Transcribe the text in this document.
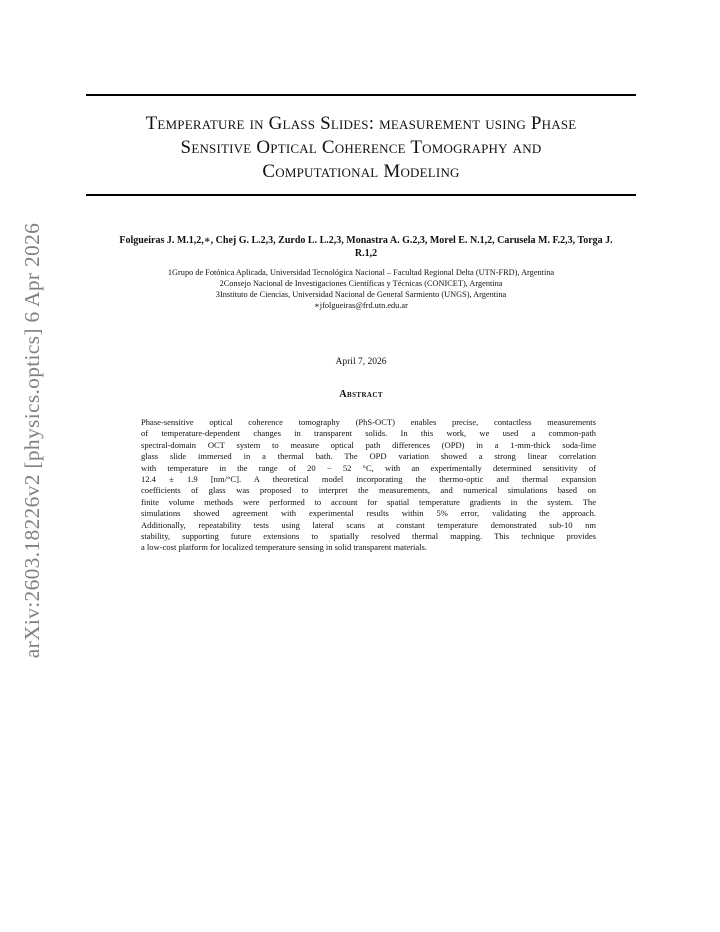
arXiv:2603.18226v2 [physics.optics] 6 Apr 2026
Temperature in Glass Slides: measurement using Phase
Sensitive Optical Coherence Tomography and
Computational Modeling
Folgueiras J. M.1,2,∗, Chej G. L.2,3, Zurdo L. L.2,3, Monastra A. G.2,3, Morel E. N.1,2, Carusela M. F.2,3, Torga J.
R.1,2
1Grupo de Fotónica Aplicada, Universidad Tecnológica Nacional – Facultad Regional Delta (UTN-FRD), Argentina
2Consejo Nacional de Investigaciones Científicas y Técnicas (CONICET), Argentina
3Instituto de Ciencias, Universidad Nacional de General Sarmiento (UNGS), Argentina
∗jfolgueiras@frd.utn.edu.ar
April 7, 2026
Abstract
Phase-sensitive optical coherence tomography (PhS-OCT) enables precise, contactless measurements
of temperature-dependent changes in transparent solids. In this work, we used a common-path
spectral-domain OCT system to measure optical path differences (OPD) in a 1-mm-thick soda-lime
glass slide immersed in a thermal bath. The OPD variation showed a strong linear correlation
with temperature in the range of 20 − 52 °C, with an experimentally determined sensitivity of
12.4 ± 1.9 [nm/°C]. A theoretical model incorporating the thermo-optic and thermal expansion
coefficients of glass was proposed to interpret the measurements, and numerical simulations based on
finite volume methods were performed to account for spatial temperature gradients in the system. The
simulations showed agreement with experimental results within 5% error, validating the approach.
Additionally, repeatability tests using lateral scans at constant temperature demonstrated sub-10 nm
stability, supporting future extensions to spatially resolved thermal mapping. This technique provides
a low-cost platform for localized temperature sensing in solid transparent materials.
